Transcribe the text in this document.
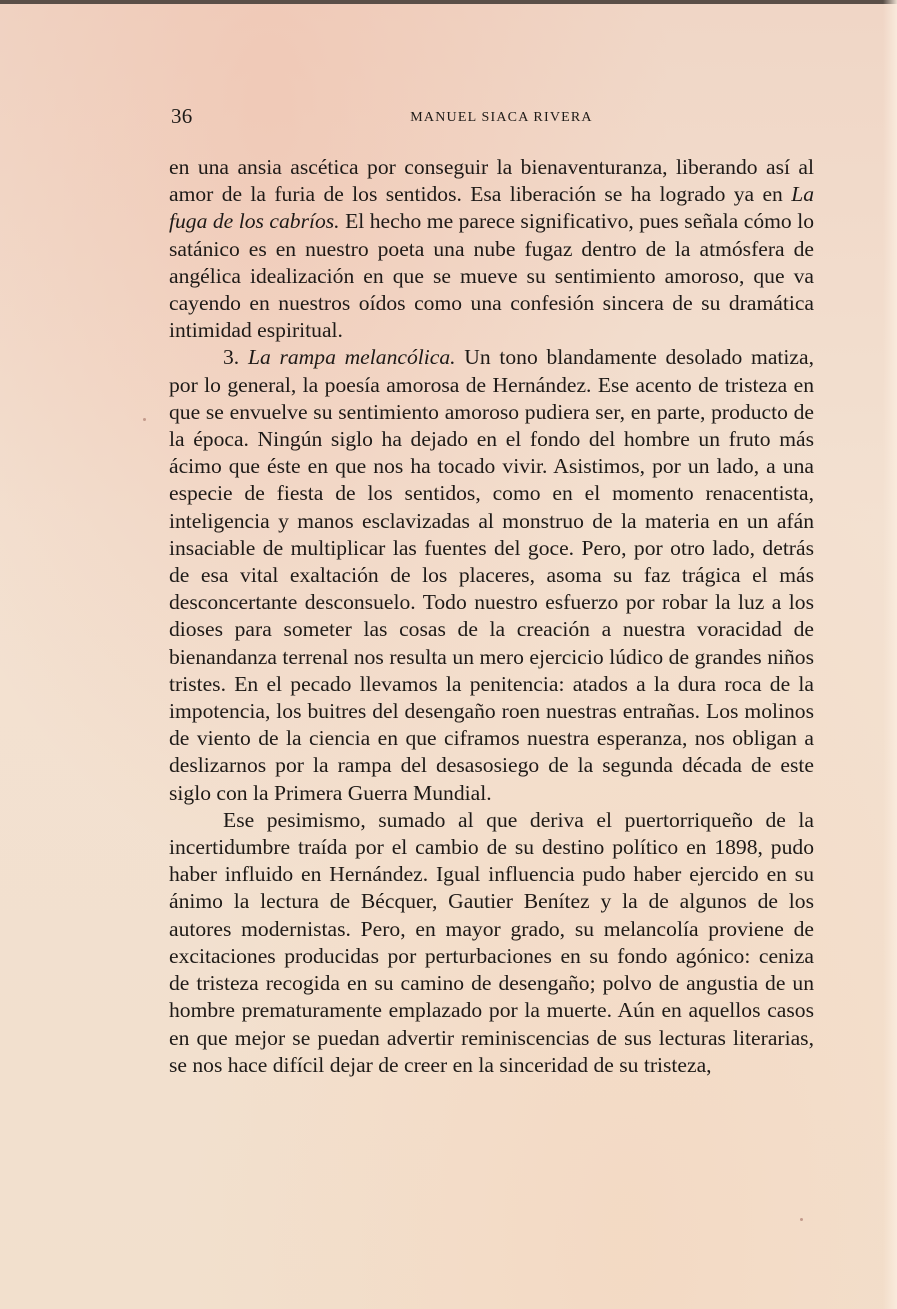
36	MANUEL SIACA RIVERA

en una ansia ascética por conseguir la bienaventuranza, liberando así al amor de la furia de los sentidos. Esa liberación se ha logrado ya en La fuga de los cabríos. El hecho me parece significativo, pues señala cómo lo satánico es en nuestro poeta una nube fugaz dentro de la atmósfera de angélica idealización en que se mueve su sentimiento amoroso, que va cayendo en nuestros oídos como una confesión sincera de su dramática intimidad espiritual.

3. La rampa melancólica. Un tono blandamente desolado matiza, por lo general, la poesía amorosa de Hernández. Ese acento de tristeza en que se envuelve su sentimiento amoroso pudiera ser, en parte, producto de la época. Ningún siglo ha dejado en el fondo del hombre un fruto más ácimo que éste en que nos ha tocado vivir. Asistimos, por un lado, a una especie de fiesta de los sentidos, como en el momento renacentista, inteligencia y manos esclavizadas al monstruo de la materia en un afán insaciable de multiplicar las fuentes del goce. Pero, por otro lado, detrás de esa vital exaltación de los placeres, asoma su faz trágica el más desconcertante desconsuelo. Todo nuestro esfuerzo por robar la luz a los dioses para someter las cosas de la creación a nuestra voracidad de bienandanza terrenal nos resulta un mero ejercicio lúdico de grandes niños tristes. En el pecado llevamos la penitencia: atados a la dura roca de la impotencia, los buitres del desengaño roen nuestras entrañas. Los molinos de viento de la ciencia en que ciframos nuestra esperanza, nos obligan a deslizarnos por la rampa del desasosiego de la segunda década de este siglo con la Primera Guerra Mundial.

Ese pesimismo, sumado al que deriva el puertorriqueño de la incertidumbre traída por el cambio de su destino político en 1898, pudo haber influido en Hernández. Igual influencia pudo haber ejercido en su ánimo la lectura de Bécquer, Gautier Benítez y la de algunos de los autores modernistas. Pero, en mayor grado, su melancolía proviene de excitaciones producidas por perturbaciones en su fondo agónico: ceniza de tristeza recogida en su camino de desengaño; polvo de angustia de un hombre prematuramente emplazado por la muerte. Aún en aquellos casos en que mejor se puedan advertir reminiscencias de sus lecturas literarias, se nos hace difícil dejar de creer en la sinceridad de su tristeza,
